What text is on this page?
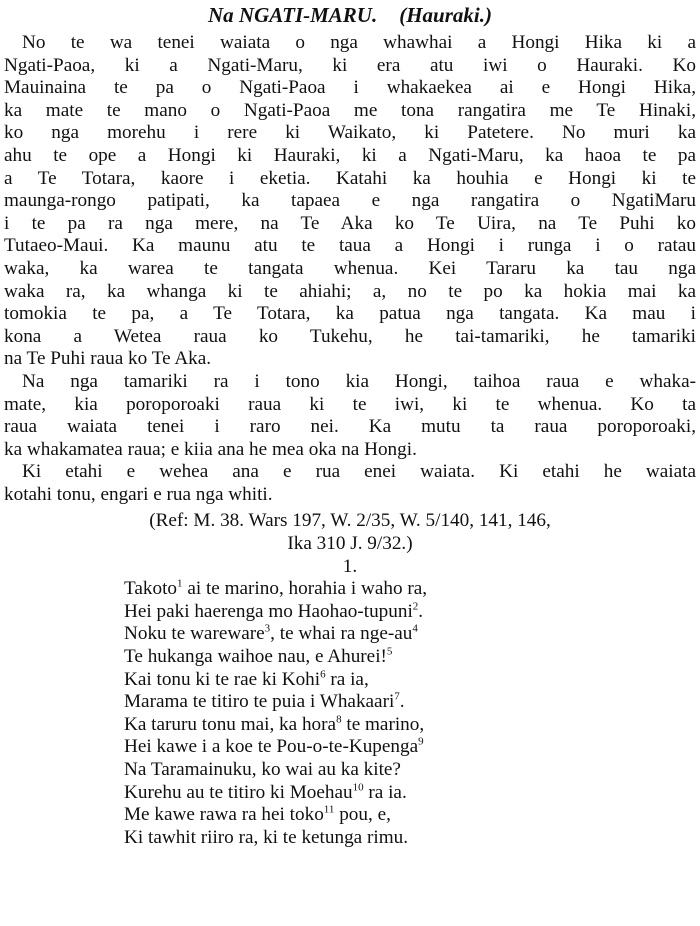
Na NGATI-MARU. (Hauraki.)
No te wa tenei waiata o nga whawhai a Hongi Hika ki a
Ngati-Paoa, ki a Ngati-Maru, ki era atu iwi o Hauraki. Ko
Mauinaina te pa o Ngati-Paoa i whakaekea ai e Hongi Hika,
ka mate te mano o Ngati-Paoa me tona rangatira me Te Hinaki,
ko nga morehu i rere ki Waikato, ki Patetere. No muri ka
ahu te ope a Hongi ki Hauraki, ki a Ngati-Maru, ka haoa te pa
a Te Totara, kaore i eketia. Katahi ka houhia e Hongi ki te
maunga-rongo patipati, ka tapaea e nga rangatira o NgatiMaru
i te pa ra nga mere, na Te Aka ko Te Uira, na Te Puhi ko
Tutaeo-Maui. Ka maunu atu te taua a Hongi i runga i o ratau
waka, ka warea te tangata whenua. Kei Tararu ka tau nga
waka ra, ka whanga ki te ahiahi; a, no te po ka hokia mai ka
tomokia te pa, a Te Totara, ka patua nga tangata. Ka mau i
kona a Wetea raua ko Tukehu, he tai-tamariki, he tamariki
na Te Puhi raua ko Te Aka.
Na nga tamariki ra i tono kia Hongi, taihoa raua e whaka-
mate, kia poroporoaki raua ki te iwi, ki te whenua. Ko ta
raua waiata tenei i raro nei. Ka mutu ta raua poroporoaki,
ka whakamatea raua; e kiia ana he mea oka na Hongi.
Ki etahi e wehea ana e rua enei waiata. Ki etahi he waiata
kotahi tonu, engari e rua nga whiti.
(Ref: M. 38. Wars 197, W. 2/35, W. 5/140, 141, 146,
Ika 310 J. 9/32.)
1.
Takoto$^1$ ai te marino, horahia i waho ra,
Hei paki haerenga mo Haohao-tupuni$^2$.
Noku te wareware$^3$, te whai ra nge-$au^4$
Te hukanga waihoe nau, e Ahurei!$^5$
Kai tonu ki te rae ki Kohi$^6$ ra ia,
Marama te titiro te puia i Whakaari$^7$.
Ka taruru tonu mai, ka hora$^8$ te marino,
Hei kawe i a koe te Pou-o-te-Kupenga$^9$
Na Taramainuku, ko wai au ka kite?
Kurehu au te titiro ki Moehau$^{10}$ ra ia.
Me kawe rawa ra hei toko$^{11}$ pou, e,
Ki tawhit riiro ra, ki te ketunga rimu.
